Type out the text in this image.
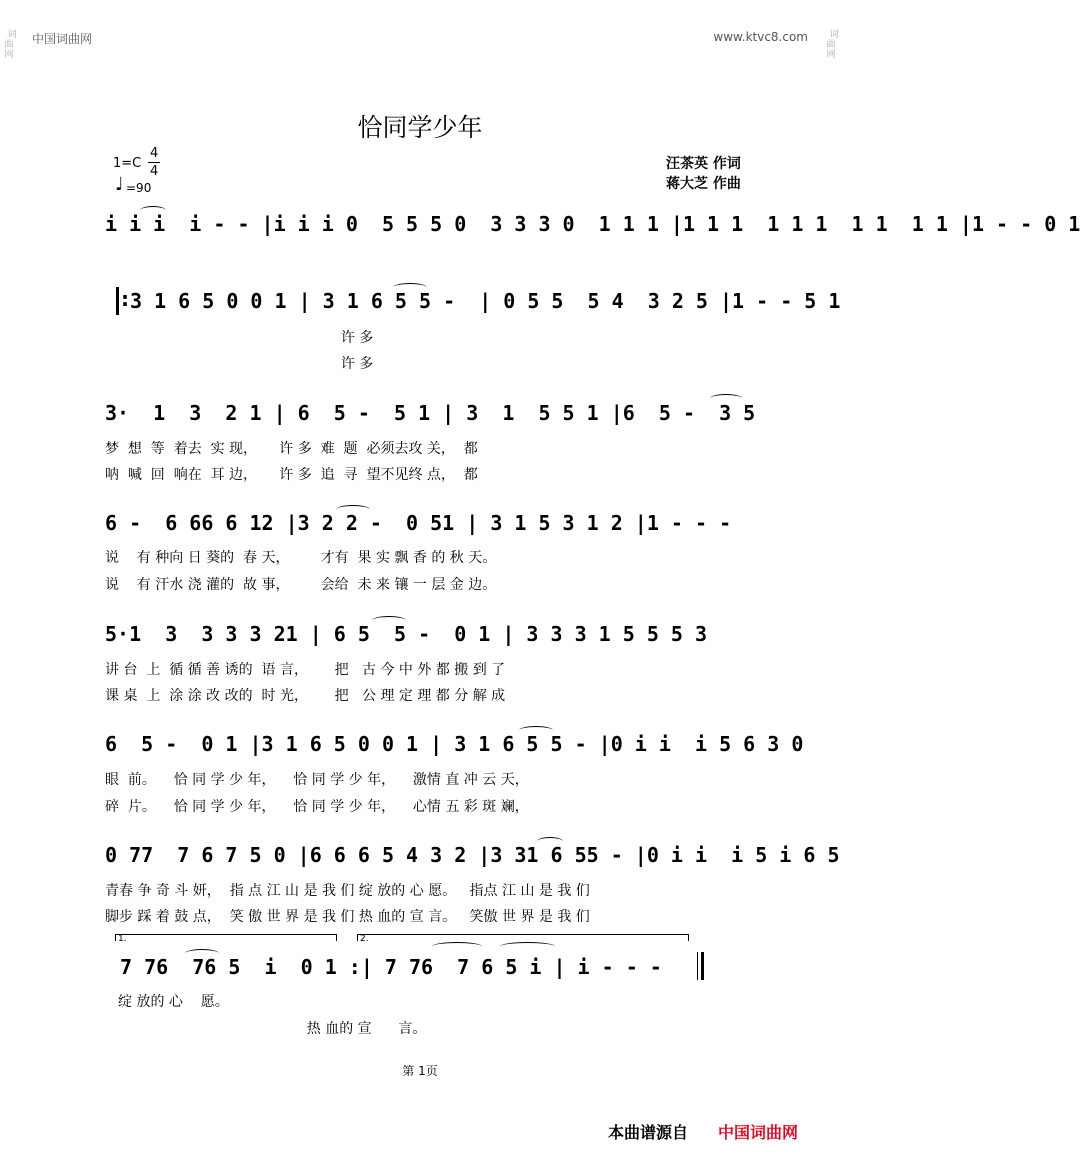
中国词曲网	www.ktvc8.com

词
曲
网

词
曲
网

恰同学少年
1=C
4
4
♩ =90
汪茶英 作词
蒋大芝 作曲
i i i  i - - |i i i 0  5 5 5 0  3 3 3 0  1 1 1 |1 1 1  1 1 1  1 1  1 1 |1 - - 0 1
3 1 6 5 0 0 1 | 3 1 6 5 5 -  | 0 5 5  5 4  3 2 5 |1 - - 5 1
许 多
许 多
:
3·  1  3  2 1 | 6  5 -  5 1 | 3  1  5 5 1 |6  5 -  3 5
梦  想  等  着去  实 现，     许 多  难  题  必须去攻 关，  都
呐  喊  回  响在  耳 边，     许 多  追  寻  望不见终 点，  都
6 -  6 66 6 12 |3 2 2 -  0 51 | 3 1 5 3 1 2 |1 - - -
说    有 种向 日 葵的  春 天，       才有  果 实 飘 香 的 秋 天。
说    有 汗水 浇 灌的  故 事，       会给  未 来 镶 一 层 金 边。
5·1  3  3 3 3 21 | 6 5  5 -  0 1 | 3 3 3 1 5 5 5 3
讲 台  上  循 循 善 诱的  语 言，      把   古 今 中 外 都 搬 到 了
课 桌  上  涂 涂 改 改的  时 光，      把   公 理 定 理 都 分 解 成
6  5 -  0 1 |3 1 6 5 0 0 1 | 3 1 6 5 5 - |0 i i  i 5 6 3 0
眼  前。    恰 同 学 少 年，    恰 同 学 少 年，    激情 直 冲 云 天，
碎  片。    恰 同 学 少 年，    恰 同 学 少 年，    心情 五 彩 斑 斓，
0 77  7 6 7 5 0 |6 6 6 5 4 3 2 |3 31 6 55 - |0 i i  i 5 i 6 5
青春 争 奇 斗 妍，  指 点 江 山 是 我 们 绽 放的 心 愿。   指点 江 山 是 我 们
脚步 踩 着 鼓 点，  笑 傲 世 界 是 我 们 热 血的 宣 言。   笑傲 世 界 是 我 们
1.	2.
7 76  76 5  i  0 1 :| 7 76  7 6 5 i | i - - -
绽 放的 心    愿。
热 血的 宣      言。
第 1页
本曲谱源自 中国词曲网
